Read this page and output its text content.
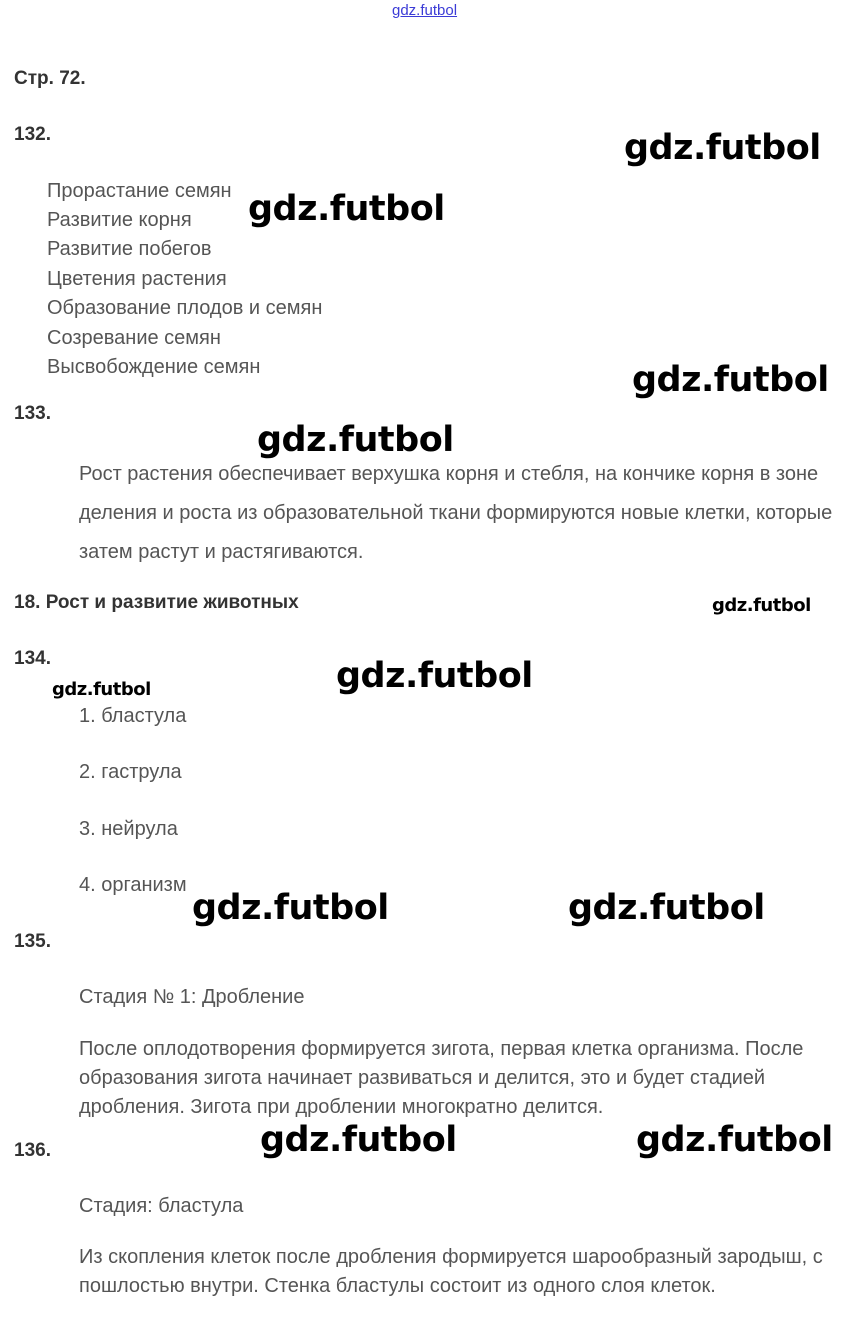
gdz.futbol
Стр. 72.
132.
Прорастание семян
Развитие корня
Развитие побегов
Цветения растения
Образование плодов и семян
Созревание семян
Высвобождение семян
133.
Рост растения обеспечивает верхушка корня и стебля, на кончике корня в зоне деления и роста из образовательной ткани формируются новые клетки, которые затем растут и растягиваются.
18. Рост и развитие животных
134.
1. бластула
2. гаструла
3. нейрула
4. организм
135.
Стадия № 1: Дробление
После оплодотворения формируется зигота, первая клетка организма. После образования зигота начинает развиваться и делится, это и будет стадией дробления. Зигота при дроблении многократно делится.
136.
Стадия: бластула
Из скопления клеток после дробления формируется шарообразный зародыш, с пошлостью внутри. Стенка бластулы состоит из одного слоя клеток.
gdz.futbol
gdz.futbol
gdz.futbol
gdz.futbol
gdz.futbol
gdz.futbol
gdz.futbol
gdz.futbol	gdz.futbol
gdz.futbol	gdz.futbol
